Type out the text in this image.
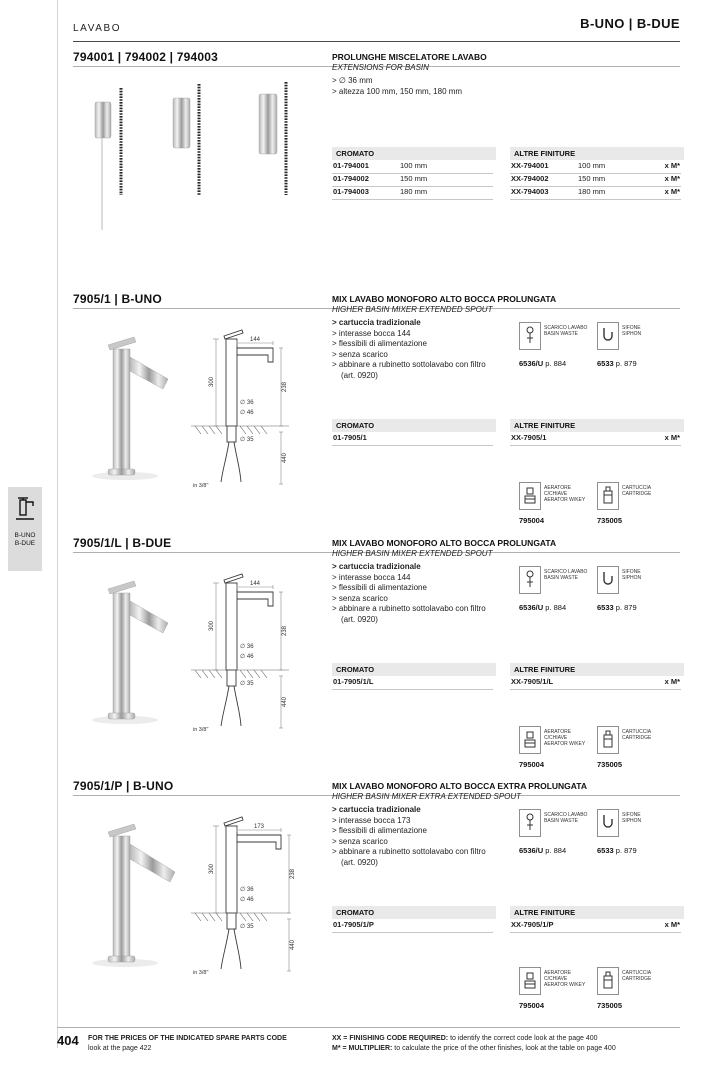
LAVABO	B-UNO | B-DUE
B-UNO
B-DUE
794001 | 794002 | 794003	PROLUNGHE MISCELATORE LAVABO
EXTENSIONS FOR BASIN
> ∅ 36 mm
> altezza 100 mm, 150 mm, 180 mm
CROMATO
01-794001	100 mm
01-794002	150 mm
01-794003	180 mm
ALTRE FINITURE
XX-794001	100 mm	x M*
XX-794002	150 mm	x M*
XX-794003	180 mm	x M*
7905/1 | B-UNO
144
300	238
440
∅ 36
∅ 46
∅ 35
in 3/8"
MIX LAVABO MONOFORO ALTO BOCCA PROLUNGATA
HIGHER BASIN MIXER EXTENDED SPOUT
> cartuccia tradizionale
> interasse bocca 144
> flessibili di alimentazione
> senza scarico
> abbinare a rubinetto sottolavabo con filtro
(art. 0920)
SCARICO LAVABO
BASIN WASTE
SIFONE
SIPHON
6536/U p. 884	6533 p. 879
CROMATO
01-7905/1
ALTRE FINITURE
XX-7905/1	x M*
AERATORE C/CHIAVE
AERATOR W/KEY
CARTUCCIA
CARTRIDGE
795004	735005
7905/1/L | B-DUE
144
300	238
440
∅ 36
∅ 46
∅ 35
in 3/8"
MIX LAVABO MONOFORO ALTO BOCCA PROLUNGATA
HIGHER BASIN MIXER EXTENDED SPOUT
> cartuccia tradizionale
> interasse bocca 144
> flessibili di alimentazione
> senza scarico
> abbinare a rubinetto sottolavabo con filtro
(art. 0920)
SCARICO LAVABO
BASIN WASTE
SIFONE
SIPHON
6536/U p. 884	6533 p. 879
CROMATO
01-7905/1/L
ALTRE FINITURE
XX-7905/1/L	x M*
AERATORE C/CHIAVE
AERATOR W/KEY
CARTUCCIA
CARTRIDGE
795004	735005
7905/1/P | B-UNO
173
300	238
440
∅ 36
∅ 46
∅ 35
in 3/8"
MIX LAVABO MONOFORO ALTO BOCCA EXTRA PROLUNGATA
HIGHER BASIN MIXER EXTRA EXTENDED SPOUT
> cartuccia tradizionale
> interasse bocca 173
> flessibili di alimentazione
> senza scarico
> abbinare a rubinetto sottolavabo con filtro
(art. 0920)
SCARICO LAVABO
BASIN WASTE
SIFONE
SIPHON
6536/U p. 884	6533 p. 879
CROMATO
01-7905/1/P
ALTRE FINITURE
XX-7905/1/P	x M*
AERATORE C/CHIAVE
AERATOR W/KEY
CARTUCCIA
CARTRIDGE
795004	735005
404 FOR THE PRICES OF THE INDICATED SPARE PARTS CODE
look at the page 422
XX = FINISHING CODE REQUIRED: to identify the correct code look at the page 400
M* = MULTIPLIER: to calculate the price of the other finishes, look at the table on page 400
